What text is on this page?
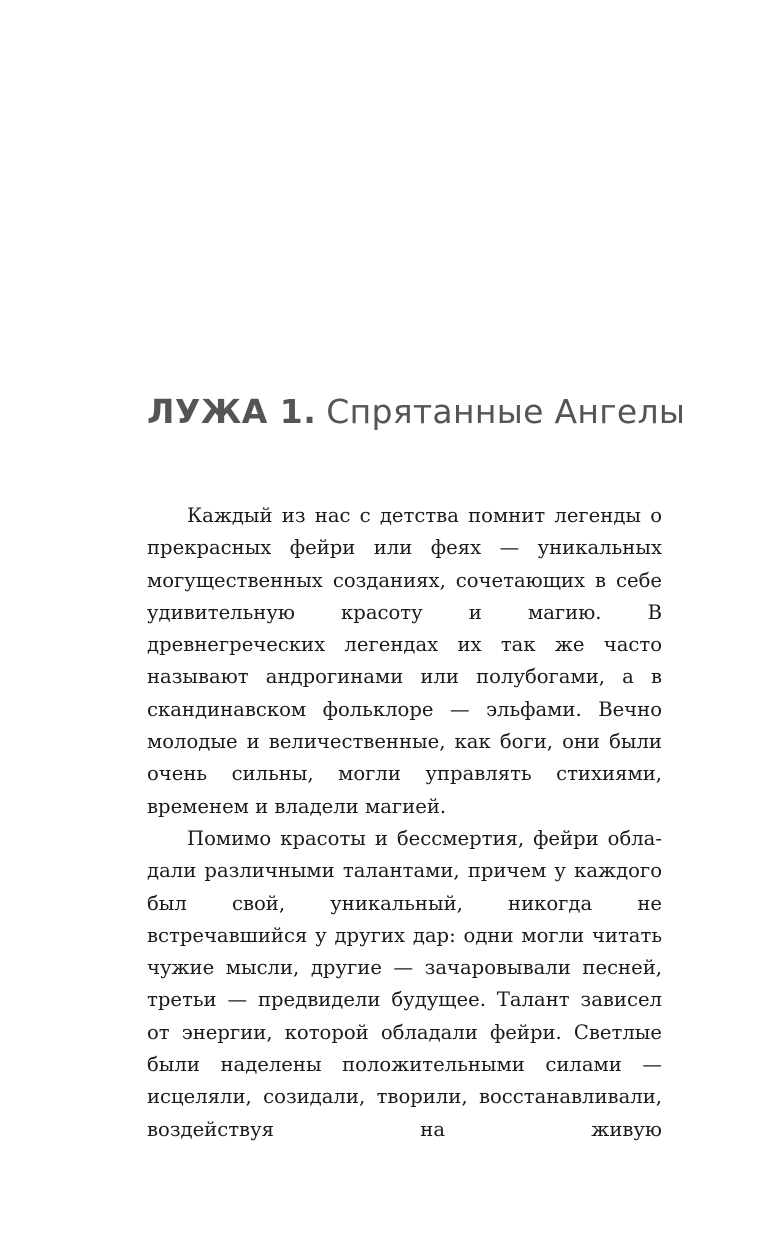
ЛУЖА 1. Спрятанные Ангелы

Каждый из нас с детства помнит легенды о прекрасных фейри или феях — уникальных могущественных созданиях, сочетающих в себе удивительную красоту и магию. В древнегреческих легендах их так же часто называют андрогинами или полубогами, а в скандинавском фольклоре — эльфами. Вечно молодые и величественные, как боги, они были очень сильны, могли управлять стихиями, временем и владели магией.

Помимо красоты и бессмертия, фейри обладали различными талантами, причем у каждого был свой, уникальный, никогда не встречавшийся у других дар: одни могли читать чужие мысли, другие — зачаровывали песней, третьи — предвидели будущее. Талант зависел от энергии, которой обладали фейри. Светлые были наделены положительными силами — исцеляли, созидали, творили, восстанавливали, воздействуя на живую
